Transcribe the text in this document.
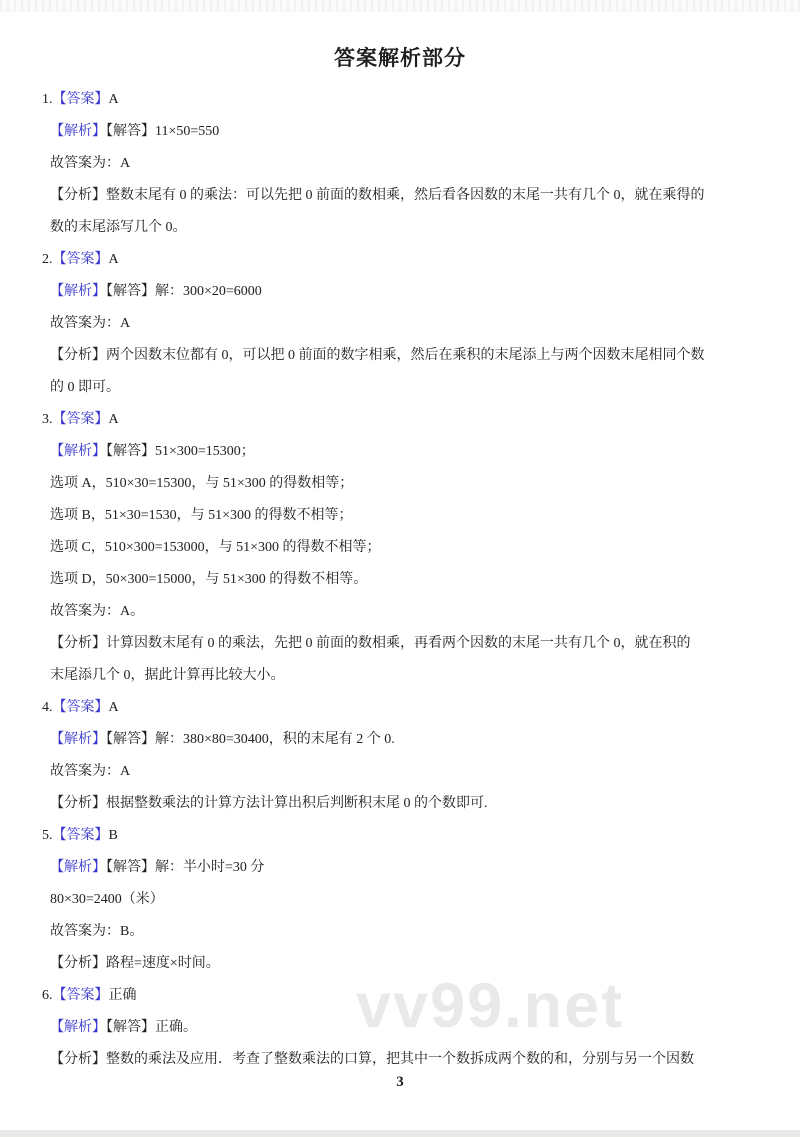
vv99.net
答案解析部分
1.【答案】A
【解析】【解答】11×50=550
故答案为：A
【分析】整数末尾有 0 的乘法：可以先把 0 前面的数相乘，然后看各因数的末尾一共有几个 0，就在乘得的
数的末尾添写几个 0。
2.【答案】A
【解析】【解答】解：300×20=6000
故答案为：A
【分析】两个因数末位都有 0，可以把 0 前面的数字相乘，然后在乘积的末尾添上与两个因数末尾相同个数
的 0 即可。
3.【答案】A
【解析】【解答】51×300=15300；
选项 A，510×30=15300，与 51×300 的得数相等；
选项 B，51×30=1530，与 51×300 的得数不相等；
选项 C，510×300=153000，与 51×300 的得数不相等；
选项 D，50×300=15000，与 51×300 的得数不相等。
故答案为：A。
【分析】计算因数末尾有 0 的乘法，先把 0 前面的数相乘，再看两个因数的末尾一共有几个 0，就在积的
末尾添几个 0，据此计算再比较大小。
4.【答案】A
【解析】【解答】解：380×80=30400，积的末尾有 2 个 0.
故答案为：A
【分析】根据整数乘法的计算方法计算出积后判断积末尾 0 的个数即可.
5.【答案】B
【解析】【解答】解：半小时=30 分
80×30=2400（米）
故答案为：B。
【分析】路程=速度×时间。
6.【答案】正确
【解析】【解答】正确。
【分析】整数的乘法及应用．考查了整数乘法的口算，把其中一个数拆成两个数的和，分别与另一个因数
3
